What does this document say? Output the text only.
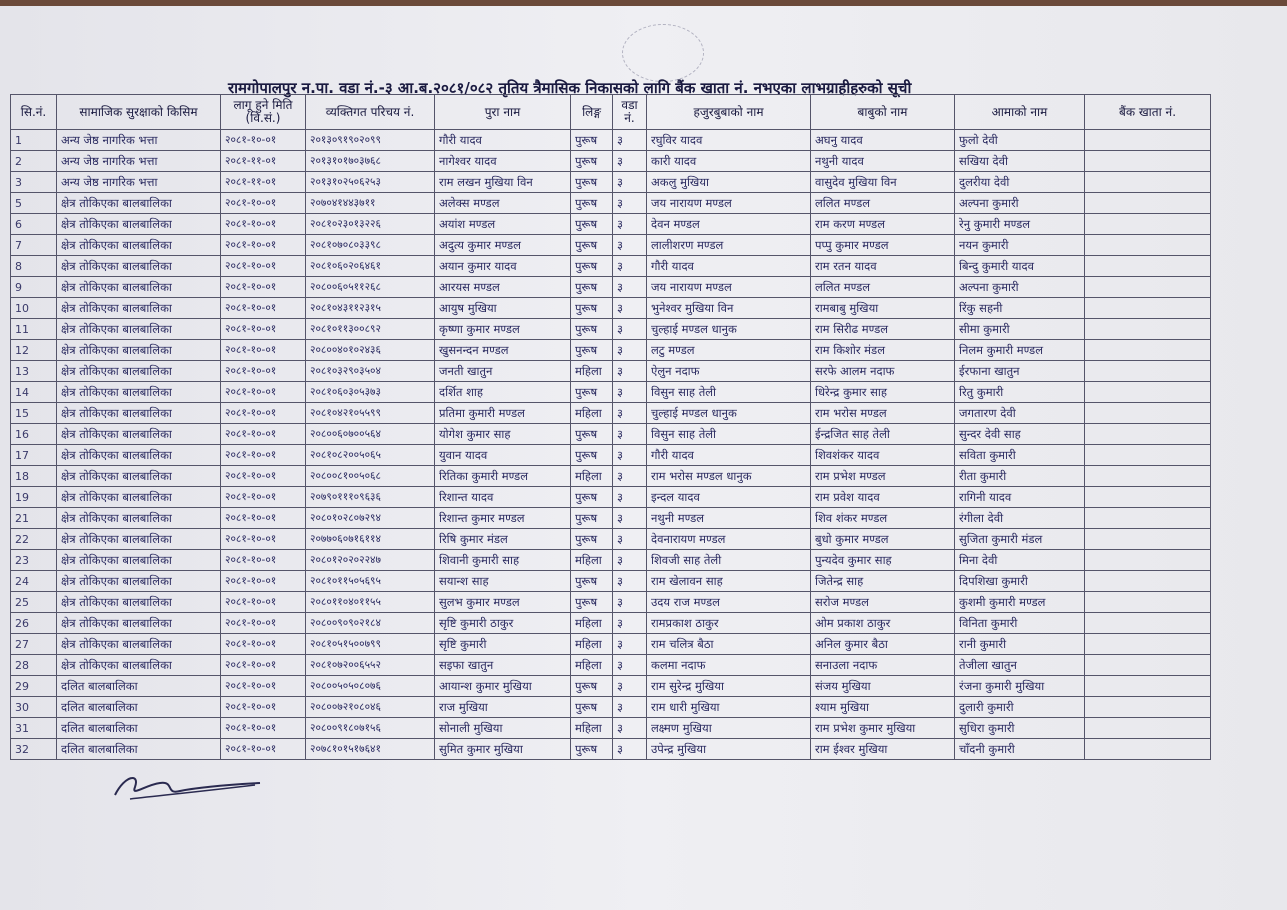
रामगोपालपुर न.पा. वडा नं.-३ आ.ब.२०८१/०८२ तृतिय त्रैमासिक निकासको लागि बैंक खाता नं. नभएका लाभग्राहीहरुको सूची
सि.नं.	सामाजिक सुरक्षाको किसिम	लागू हुने मिति (वि.सं.)	व्यक्तिगत परिचय नं.	पुरा नाम	लिङ्ग	वडा नं.	हजुरबुबाको नाम	बाबुको नाम	आमाको नाम	बैंक खाता नं.
1	अन्य जेष्ठ नागरिक भत्ता	२०८१-१०-०१	२०१३०९१९०२०९९	गौरी यादव	पुरूष	३	रघुविर यादव	अघनु यादव	फुलो देवी	
2	अन्य जेष्ठ नागरिक भत्ता	२०८१-११-०१	२०१३१०१७०३७६८	नागेश्वर यादव	पुरूष	३	कारी यादव	नथुनी यादव	सखिया देवी	
3	अन्य जेष्ठ नागरिक भत्ता	२०८१-११-०१	२०१३१०२५०६२५३	राम लखन मुखिया विन	पुरूष	३	अकलु मुखिया	वासुदेव मुखिया विन	दुलरीया देवी	
5	क्षेत्र तोकिएका बालबालिका	२०८१-१०-०१	२०७०४१४४३७११	अलेक्स मण्डल	पुरूष	३	जय नारायण मण्डल	ललित मण्डल	अल्पना कुमारी	
6	क्षेत्र तोकिएका बालबालिका	२०८१-१०-०१	२०८१०२३०१३२२६	अयांश मण्डल	पुरूष	३	देवन मण्डल	राम करण मण्डल	रेनु कुमारी मण्डल	
7	क्षेत्र तोकिएका बालबालिका	२०८१-१०-०१	२०८१०७०८०३३९८	अदुत्य कुमार मण्डल	पुरूष	३	लालीशरण मण्डल	पप्पु कुमार मण्डल	नयन कुमारी	
8	क्षेत्र तोकिएका बालबालिका	२०८१-१०-०१	२०८१०६०२०६४६१	अयान कुमार यादव	पुरूष	३	गौरी यादव	राम रतन यादव	बिन्दु कुमारी यादव	
9	क्षेत्र तोकिएका बालबालिका	२०८१-१०-०१	२०८००६०५११२६८	आरयस मण्डल	पुरूष	३	जय नारायण मण्डल	ललित मण्डल	अल्पना कुमारी	
10	क्षेत्र तोकिएका बालबालिका	२०८१-१०-०१	२०८१०४३११२३१५	आयुष मुखिया	पुरूष	३	भुनेश्वर मुखिया विन	रामबाबु मुखिया	रिंकु सहनी	
11	क्षेत्र तोकिएका बालबालिका	२०८१-१०-०१	२०८१०११३००८९२	कृष्णा कुमार मण्डल	पुरूष	३	चुल्हाई मण्डल धानुक	राम सिरीढ मण्डल	सीमा कुमारी	
12	क्षेत्र तोकिएका बालबालिका	२०८१-१०-०१	२०८००४०१०२४३६	खुसनन्दन मण्डल	पुरूष	३	लटु मण्डल	राम किशोर मंडल	निलम कुमारी मण्डल	
13	क्षेत्र तोकिएका बालबालिका	२०८१-१०-०१	२०८१०३२९०३५०४	जनती खातुन	महिला	३	ऐलुन नदाफ	सरफे आलम नदाफ	ईरफाना खातुन	
14	क्षेत्र तोकिएका बालबालिका	२०८१-१०-०१	२०८१०६०३०५३७३	दर्शित शाह	पुरूष	३	विसुन साह तेली	धिरेन्द्र कुमार साह	रितु कुमारी	
15	क्षेत्र तोकिएका बालबालिका	२०८१-१०-०१	२०८१०४२१०५५९९	प्रतिमा कुमारी मण्डल	महिला	३	चुल्हाई मण्डल धानुक	राम भरोस मण्डल	जगतारण देवी	
16	क्षेत्र तोकिएका बालबालिका	२०८१-१०-०१	२०८००६०७००५६४	योगेश कुमार साह	पुरूष	३	विसुन साह तेली	ईन्द्रजित साह तेली	सुन्दर देवी साह	
17	क्षेत्र तोकिएका बालबालिका	२०८१-१०-०१	२०८१०८२००५०६५	युवान यादव	पुरूष	३	गौरी यादव	शिवशंकर यादव	सविता कुमारी	
18	क्षेत्र तोकिएका बालबालिका	२०८१-१०-०१	२०८००८१००५०६८	रितिका कुमारी मण्डल	महिला	३	राम भरोस मण्डल धानुक	राम प्रभेश मण्डल	रीता कुमारी	
19	क्षेत्र तोकिएका बालबालिका	२०८१-१०-०१	२०७९०१११०९६३६	रिशान्त यादव	पुरूष	३	इन्दल यादव	राम प्रवेश यादव	रागिनी यादव	
21	क्षेत्र तोकिएका बालबालिका	२०८१-१०-०१	२०८०१०२८०७२९४	रिशान्त कुमार मण्डल	पुरूष	३	नथुनी मण्डल	शिव शंकर मण्डल	रंगीला देवी	
22	क्षेत्र तोकिएका बालबालिका	२०८१-१०-०१	२०७७०६०७१६११४	रिषि कुमार मंडल	पुरूष	३	देवनारायण मण्डल	बुधो कुमार मण्डल	सुजिता कुमारी मंडल	
23	क्षेत्र तोकिएका बालबालिका	२०८१-१०-०१	२०८०१२०२०२२४७	शिवानी कुमारी साह	महिला	३	शिवजी साह तेली	पुन्यदेव कुमार साह	मिना देवी	
24	क्षेत्र तोकिएका बालबालिका	२०८१-१०-०१	२०८१०११५०५६९५	सयान्श साह	पुरूष	३	राम खेलावन साह	जितेन्द्र साह	दिपशिखा कुमारी	
25	क्षेत्र तोकिएका बालबालिका	२०८१-१०-०१	२०८०११०४०११५५	सुलभ कुमार मण्डल	पुरूष	३	उदय राज मण्डल	सरोज मण्डल	कुशमी कुमारी मण्डल	
26	क्षेत्र तोकिएका बालबालिका	२०८१-१०-०१	२०८००९०९०२१८४	सृष्टि कुमारी ठाकुर	महिला	३	रामप्रकाश ठाकुर	ओम प्रकाश ठाकुर	विनिता कुमारी	
27	क्षेत्र तोकिएका बालबालिका	२०८१-१०-०१	२०८१०५१५००७९९	सृष्टि कुमारी	महिला	३	राम चलित्र बैठा	अनिल कुमार बैठा	रानी कुमारी	
28	क्षेत्र तोकिएका बालबालिका	२०८१-१०-०१	२०८१०७२००६५५२	सइफा खातुन	महिला	३	कलमा नदाफ	सनाउला नदाफ	तेजीला खातुन	
29	दलित बालबालिका	२०८१-१०-०१	२०८००५०५०८०७६	आयान्श कुमार मुखिया	पुरूष	३	राम सुरेन्द्र मुखिया	संजय मुखिया	रंजना कुमारी मुखिया	
30	दलित बालबालिका	२०८१-१०-०१	२०८००७२१०८०४६	राज मुखिया	पुरूष	३	राम धारी मुखिया	श्याम मुखिया	दुलारी कुमारी	
31	दलित बालबालिका	२०८१-१०-०१	२०८००९१८०७१५६	सोनाली मुखिया	महिला	३	लक्ष्मण मुखिया	राम प्रभेश कुमार मुखिया	सुधिरा कुमारी	
32	दलित बालबालिका	२०८१-१०-०१	२०७८१०१५१७६४१	सुमित कुमार मुखिया	पुरूष	३	उपेन्द्र मुखिया	राम ईश्वर मुखिया	चाँदनी कुमारी	
